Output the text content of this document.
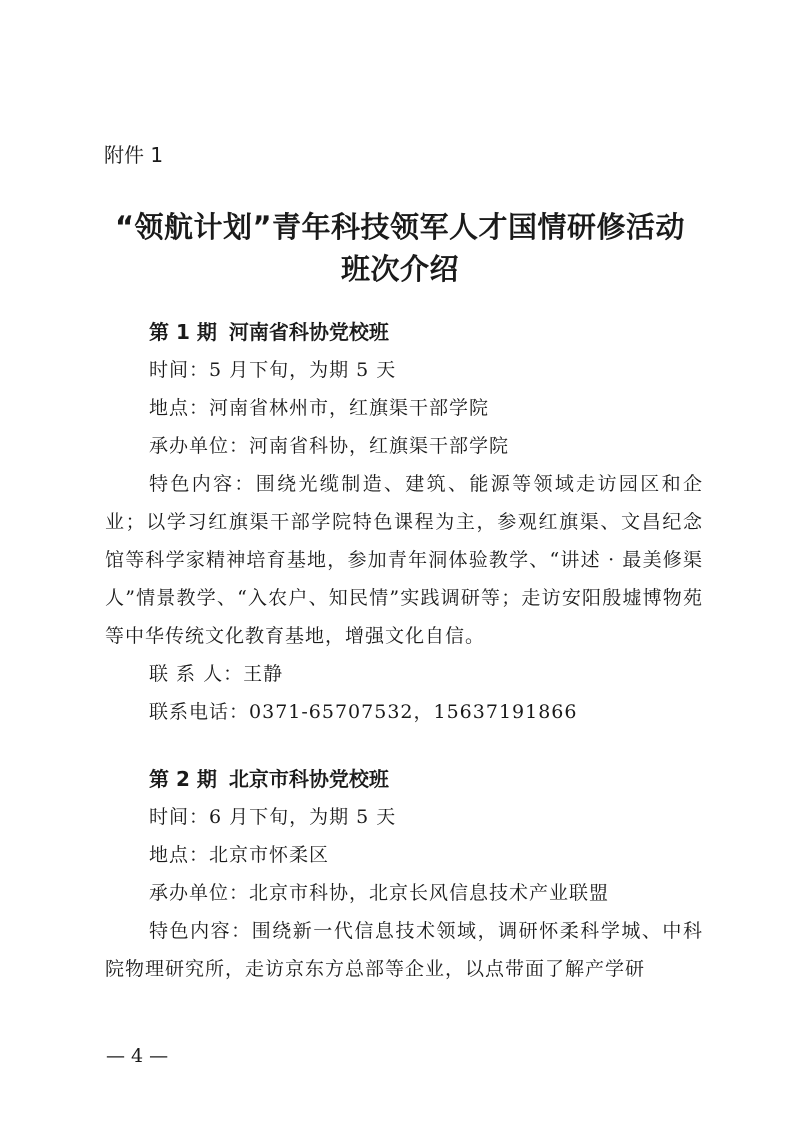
附件 1
“领航计划”青年科技领军人才国情研修活动
班次介绍
第 1 期 河南省科协党校班
时间：5 月下旬，为期 5 天
地点：河南省林州市，红旗渠干部学院
承办单位：河南省科协，红旗渠干部学院
特色内容：围绕光缆制造、建筑、能源等领域走访园区和企业；以学习红旗渠干部学院特色课程为主，参观红旗渠、文昌纪念馆等科学家精神培育基地，参加青年洞体验教学、“讲述 · 最美修渠人”情景教学、“入农户、知民情”实践调研等；走访安阳殷墟博物苑等中华传统文化教育基地，增强文化自信。
联 系 人：王静
联系电话：0371-65707532，15637191866
第 2 期 北京市科协党校班
时间：6 月下旬，为期 5 天
地点：北京市怀柔区
承办单位：北京市科协，北京长风信息技术产业联盟
特色内容：围绕新一代信息技术领域，调研怀柔科学城、中科院物理研究所，走访京东方总部等企业，以点带面了解产学研
— 4 —
